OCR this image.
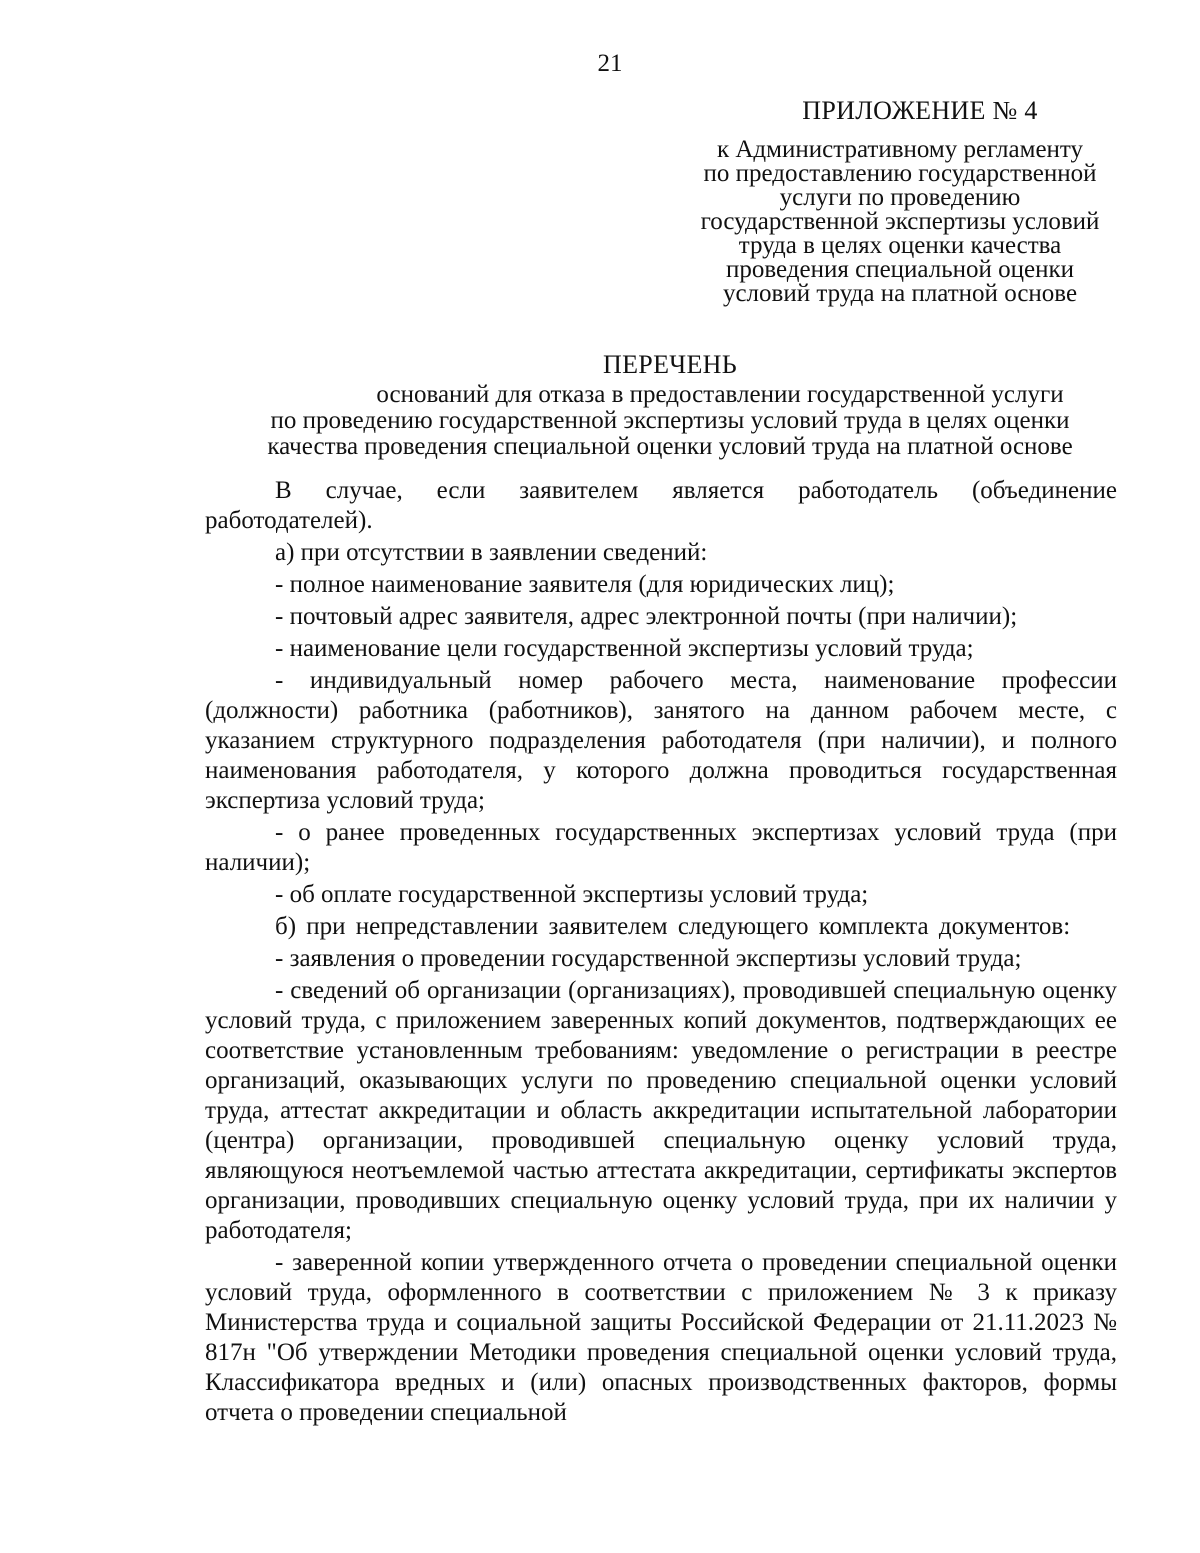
21
ПРИЛОЖЕНИЕ № 4
к Административному регламенту
по предоставлению государственной
услуги по проведению
государственной экспертизы условий
труда в целях оценки качества
проведения специальной оценки
условий труда на платной основе
ПЕРЕЧЕНЬ
оснований для отказа в предоставлении государственной услуги
по проведению государственной экспертизы условий труда в целях оценки
качества проведения специальной оценки условий труда на платной основе

В случае, если заявителем является работодатель (объединение работодателей).

а) при отсутствии в заявлении сведений:

- полное наименование заявителя (для юридических лиц);

- почтовый адрес заявителя, адрес электронной почты (при наличии);

- наименование цели государственной экспертизы условий труда;

- индивидуальный номер рабочего места, наименование профессии (должности) работника (работников), занятого на данном рабочем месте, с указанием структурного подразделения работодателя (при наличии), и полного наименования работодателя, у которого должна проводиться государственная экспертиза условий труда;

- о ранее проведенных государственных экспертизах условий труда (при наличии);

- об оплате государственной экспертизы условий труда;

б) при непредставлении заявителем следующего комплекта документов:

- заявления о проведении государственной экспертизы условий труда;

- сведений об организации (организациях), проводившей специальную оценку условий труда, с приложением заверенных копий документов, подтверждающих ее соответствие установленным требованиям: уведомление о регистрации в реестре организаций, оказывающих услуги по проведению специальной оценки условий труда, аттестат аккредитации и область аккредитации испытательной лаборатории (центра) организации, проводившей специальную оценку условий труда, являющуюся неотъемлемой частью аттестата аккредитации, сертификаты экспертов организации, проводивших специальную оценку условий труда, при их наличии у работодателя;

- заверенной копии утвержденного отчета о проведении специальной оценки условий труда, оформленного в соответствии с приложением № 3 к приказу Министерства труда и социальной защиты Российской Федерации от 21.11.2023 № 817н "Об утверждении Методики проведения специальной оценки условий труда, Классификатора вредных и (или) опасных производственных факторов, формы отчета о проведении специальной
